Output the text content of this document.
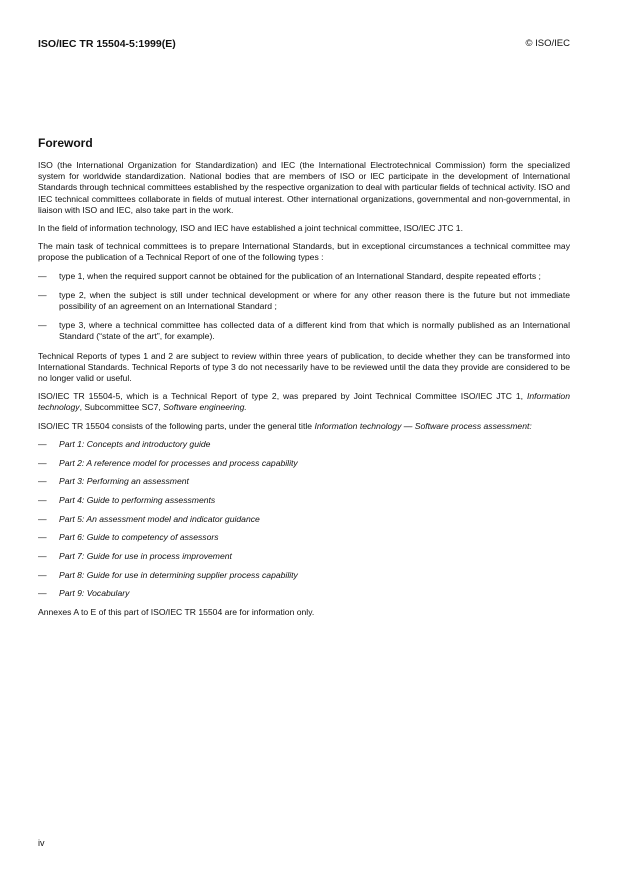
ISO/IEC TR 15504-5:1999(E)	© ISO/IEC
Foreword

ISO (the International Organization for Standardization) and IEC (the International Electrotechnical Commission) form the specialized system for worldwide standardization. National bodies that are members of ISO or IEC participate in the development of International Standards through technical committees established by the respective organization to deal with particular fields of technical activity. ISO and IEC technical committees collaborate in fields of mutual interest. Other international organizations, governmental and non-governmental, in liaison with ISO and IEC, also take part in the work.

In the field of information technology, ISO and IEC have established a joint technical committee, ISO/IEC JTC 1.

The main task of technical committees is to prepare International Standards, but in exceptional circumstances a technical committee may propose the publication of a Technical Report of one of the following types :

—	type 1, when the required support cannot be obtained for the publication of an International Standard, despite repeated efforts ;
—	type 2, when the subject is still under technical development or where for any other reason there is the future but not immediate possibility of an agreement on an International Standard ;
—	type 3, where a technical committee has collected data of a different kind from that which is normally published as an International Standard (“state of the art”, for example).

Technical Reports of types 1 and 2 are subject to review within three years of publication, to decide whether they can be transformed into International Standards. Technical Reports of type 3 do not necessarily have to be reviewed until the data they provide are considered to be no longer valid or useful.

ISO/IEC TR 15504-5, which is a Technical Report of type 2, was prepared by Joint Technical Committee ISO/IEC JTC 1, Information technology, Subcommittee SC7, Software engineering.

ISO/IEC TR 15504 consists of the following parts, under the general title Information technology — Software process assessment:

—	Part 1: Concepts and introductory guide
—	Part 2: A reference model for processes and process capability
—	Part 3: Performing an assessment
—	Part 4: Guide to performing assessments
—	Part 5: An assessment model and indicator guidance
—	Part 6: Guide to competency of assessors
—	Part 7: Guide for use in process improvement
—	Part 8: Guide for use in determining supplier process capability
—	Part 9: Vocabulary

Annexes A to E of this part of ISO/IEC TR 15504 are for information only.

iv
